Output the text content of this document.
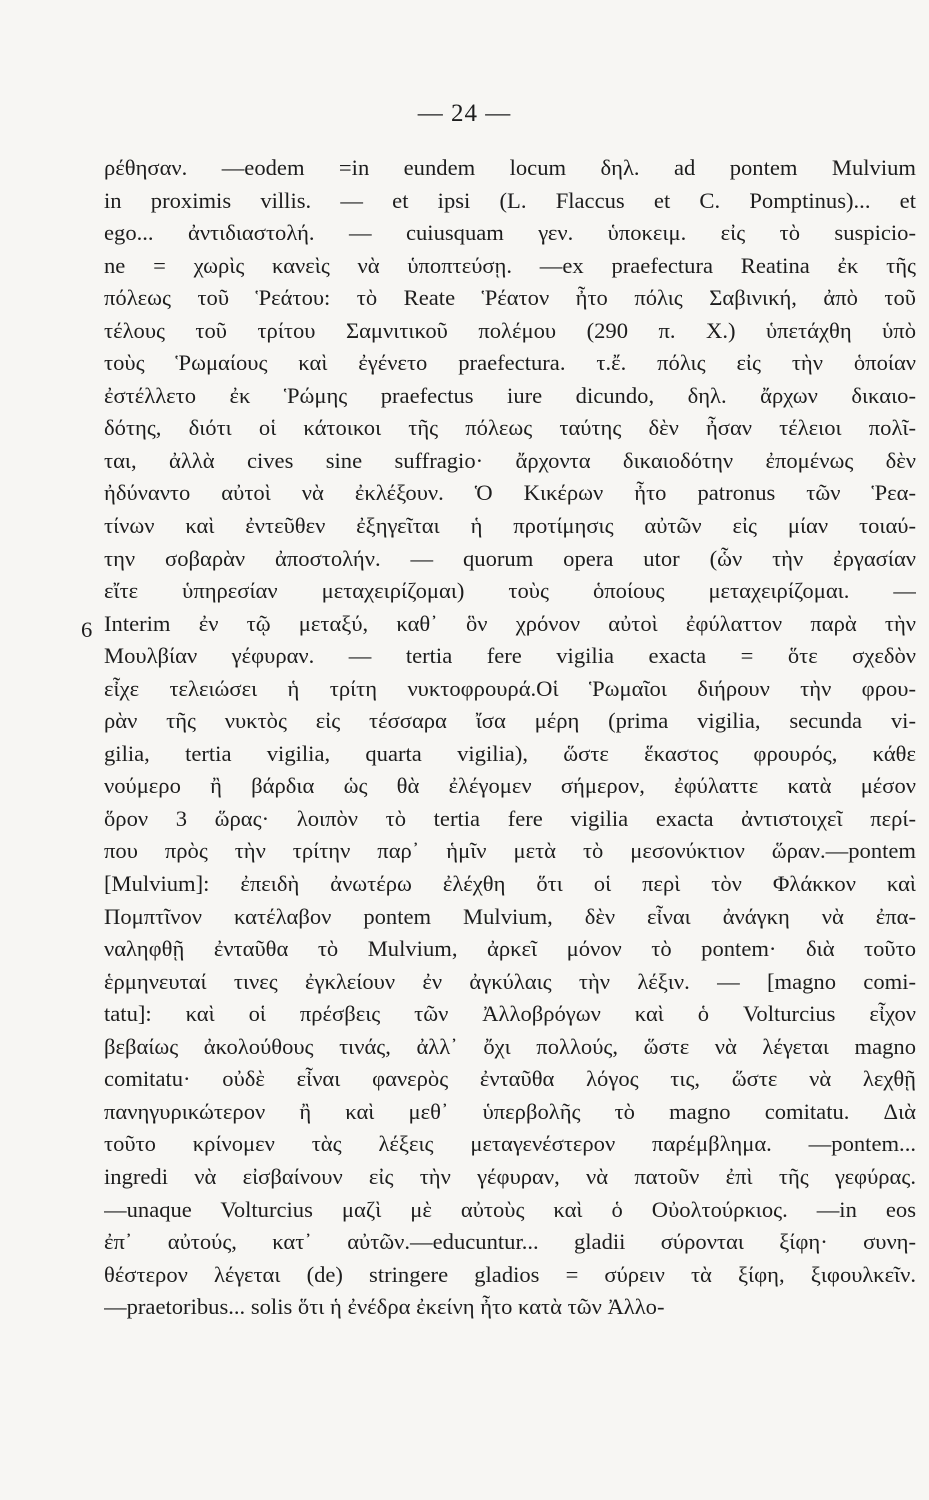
— 24 —
6
ρέθησαν. —eodem =in eundem locum δηλ. ad pontem Mulvium
in proximis villis. — et ipsi (L. Flaccus et C. Pomptinus)... et
ego... ἀντιδιαστολή. — cuiusquam γεν. ὑποκειμ. εἰς τὸ suspicio-
ne = χωρὶς κανεὶς νὰ ὑποπτεύσῃ. —ex praefectura Reatina ἐκ τῆς
πόλεως τοῦ Ῥεάτου: τὸ Reate Ῥέατον ἦτο πόλις Σαβινική, ἀπὸ τοῦ
τέλους τοῦ τρίτου Σαμνιτικοῦ πολέμου (290 π. Χ.) ὑπετάχθη ὑπὸ
τοὺς Ῥωμαίους καὶ ἐγένετο praefectura. τ.ἔ. πόλις εἰς τὴν ὁποίαν
ἐστέλλετο ἐκ Ῥώμης praefectus iure dicundo, δηλ. ἄρχων δικαιο-
δότης, διότι οἱ κάτοικοι τῆς πόλεως ταύτης δὲν ἦσαν τέλειοι πολῖ-
ται, ἀλλὰ cives sine suffragio· ἄρχοντα δικαιοδότην ἐπομένως δὲν
ἠδύναντο αὐτοὶ νὰ ἐκλέξουν. Ὁ Κικέρων ἦτο patronus τῶν Ῥεα-
τίνων καὶ ἐντεῦθεν ἐξηγεῖται ἡ προτίμησις αὐτῶν εἰς μίαν τοιαύ-
την σοβαρὰν ἀποστολήν. — quorum opera utor (ὧν τὴν ἐργασίαν
εἴτε ὑπηρεσίαν μεταχειρίζομαι) τοὺς ὁποίους μεταχειρίζομαι. —
Interim ἐν τῷ μεταξύ, καθ᾽ ὃν χρόνον αὐτοὶ ἐφύλαττον παρὰ τὴν
Μουλβίαν γέφυραν. — tertia fere vigilia exacta = ὅτε σχεδὸν
εἶχε τελειώσει ἡ τρίτη νυκτοφρουρά.Οἱ Ῥωμαῖοι διήρουν τὴν φρου-
ρὰν τῆς νυκτὸς εἰς τέσσαρα ἴσα μέρη (prima vigilia, secunda vi-
gilia, tertia vigilia, quarta vigilia), ὥστε ἕκαστος φρουρός, κάθε
νούμερο ἢ βάρδια ὡς θὰ ἐλέγομεν σήμερον, ἐφύλαττε κατὰ μέσον
ὅρον 3 ὥρας· λοιπὸν τὸ tertia fere vigilia exacta ἀντιστοιχεῖ περί-
που πρὸς τὴν τρίτην παρ᾽ ἡμῖν μετὰ τὸ μεσονύκτιον ὥραν.—pontem
[Mulvium]: ἐπειδὴ ἀνωτέρω ἐλέχθη ὅτι οἱ περὶ τὸν Φλάκκον καὶ
Πομπτῖνον κατέλαβον pontem Mulvium, δὲν εἶναι ἀνάγκη νὰ ἐπα-
ναληφθῇ ἐνταῦθα τὸ Mulvium, ἀρκεῖ μόνον τὸ pontem· διὰ τοῦτο
ἑρμηνευταί τινες ἐγκλείουν ἐν ἀγκύλαις τὴν λέξιν. — [magno comi-
tatu]: καὶ οἱ πρέσβεις τῶν Ἀλλοβρόγων καὶ ὁ Volturcius εἶχον
βεβαίως ἀκολούθους τινάς, ἀλλ᾽ ὄχι πολλούς, ὥστε νὰ λέγεται magno
comitatu· οὐδὲ εἶναι φανερὸς ἐνταῦθα λόγος τις, ὥστε νὰ λεχθῇ
πανηγυρικώτερον ἢ καὶ μεθ᾽ ὑπερβολῆς τὸ magno comitatu. Διὰ
τοῦτο κρίνομεν τὰς λέξεις μεταγενέστερον παρέμβλημα. —pontem...
ingredi νὰ εἰσβαίνουν εἰς τὴν γέφυραν, νὰ πατοῦν ἐπὶ τῆς γεφύρας.
—unaque Volturcius μαζὶ μὲ αὐτοὺς καὶ ὁ Οὐολτούρκιος. —in eos
ἐπ᾽ αὐτούς, κατ᾽ αὐτῶν.—educuntur... gladii σύρονται ξίφη· συνη-
θέστερον λέγεται (de) stringere gladios = σύρειν τὰ ξίφη, ξιφουλκεῖν.
—praetoribus... solis ὅτι ἡ ἐνέδρα ἐκείνη ἦτο κατὰ τῶν Ἀλλο-
